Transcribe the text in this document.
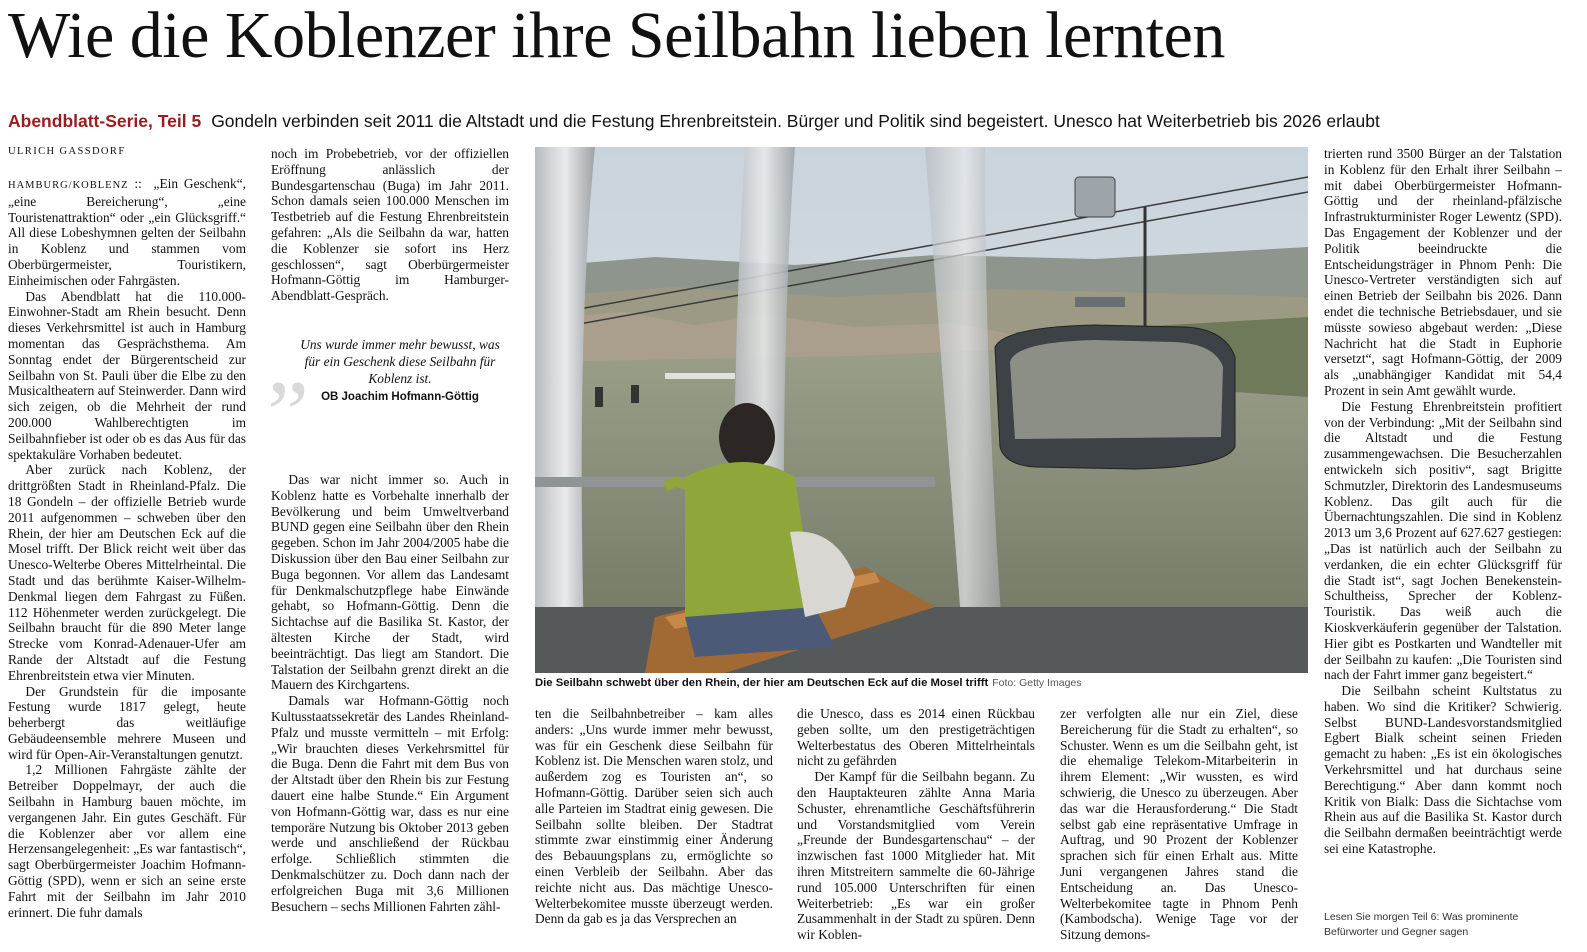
Wie die Koblenzer ihre Seilbahn lieben lernten
Abendblatt-Serie, Teil 5 Gondeln verbinden seit 2011 die Altstadt und die Festung Ehrenbreitstein. Bürger und Politik sind begeistert. Unesco hat Weiterbetrieb bis 2026 erlaubt
ULRICH GASSDORF

HAMBURG/KOBLENZ :: „Ein Geschenk“, „eine Bereicherung“, „eine Touristenattraktion“ oder „ein Glücksgriff.“ All diese Lobeshymnen gelten der Seilbahn in Koblenz und stammen vom Oberbürgermeister, Touristikern, Einheimischen oder Fahrgästen.

Das Abendblatt hat die 110.000-Einwohner-Stadt am Rhein besucht. Denn dieses Verkehrsmittel ist auch in Hamburg momentan das Gesprächsthema. Am Sonntag endet der Bürgerentscheid zur Seilbahn von St. Pauli über die Elbe zu den Musicaltheatern auf Steinwerder. Dann wird sich zeigen, ob die Mehrheit der rund 200.000 Wahlberechtigten im Seilbahnfieber ist oder ob es das Aus für das spektakuläre Vorhaben bedeutet.

Aber zurück nach Koblenz, der drittgrößten Stadt in Rheinland-Pfalz. Die 18 Gondeln – der offizielle Betrieb wurde 2011 aufgenommen – schweben über den Rhein, der hier am Deutschen Eck auf die Mosel trifft. Der Blick reicht weit über das Unesco-Welterbe Oberes Mittelrheintal. Die Stadt und das berühmte Kaiser-Wilhelm-Denkmal liegen dem Fahrgast zu Füßen. 112 Höhenmeter werden zurückgelegt. Die Seilbahn braucht für die 890 Meter lange Strecke vom Konrad-Adenauer-Ufer am Rande der Altstadt auf die Festung Ehrenbreitstein etwa vier Minuten.

Der Grundstein für die imposante Festung wurde 1817 gelegt, heute beherbergt das weitläufige Gebäudeensemble mehrere Museen und wird für Open-Air-Veranstaltungen genutzt.

1,2 Millionen Fahrgäste zählte der Betreiber Doppelmayr, der auch die Seilbahn in Hamburg bauen möchte, im vergangenen Jahr. Ein gutes Geschäft. Für die Koblenzer aber vor allem eine Herzensangelegenheit: „Es war fantastisch“, sagt Oberbürgermeister Joachim Hofmann-Göttig (SPD), wenn er sich an seine erste Fahrt mit der Seilbahn im Jahr 2010 erinnert. Die fuhr damals

noch im Probebetrieb, vor der offiziellen Eröffnung anlässlich der Bundesgartenschau (Buga) im Jahr 2011. Schon damals seien 100.000 Menschen im Testbetrieb auf die Festung Ehrenbreitstein gefahren: „Als die Seilbahn da war, hatten die Koblenzer sie sofort ins Herz geschlossen“, sagt Oberbürgermeister Hofmann-Göttig im Hamburger-Abendblatt-Gespräch.

„
Uns wurde immer mehr bewusst, was für ein Geschenk diese Seilbahn für Koblenz ist.
OB Joachim Hofmann-Göttig

Das war nicht immer so. Auch in Koblenz hatte es Vorbehalte innerhalb der Bevölkerung und beim Umweltverband BUND gegen eine Seilbahn über den Rhein gegeben. Schon im Jahr 2004/2005 habe die Diskussion über den Bau einer Seilbahn zur Buga begonnen. Vor allem das Landesamt für Denkmalschutzpflege habe Einwände gehabt, so Hofmann-Göttig. Denn die Sichtachse auf die Basilika St. Kastor, der ältesten Kirche der Stadt, wird beeinträchtigt. Das liegt am Standort. Die Talstation der Seilbahn grenzt direkt an die Mauern des Kirchgartens.

Damals war Hofmann-Göttig noch Kultusstaatssekretär des Landes Rheinland-Pfalz und musste vermitteln – mit Erfolg: „Wir brauchten dieses Verkehrsmittel für die Buga. Denn die Fahrt mit dem Bus von der Altstadt über den Rhein bis zur Festung dauert eine halbe Stunde.“ Ein Argument von Hofmann-Göttig war, dass es nur eine temporäre Nutzung bis Oktober 2013 geben werde und anschließend der Rückbau erfolge. Schließlich stimmten die Denkmalschützer zu. Doch dann nach der erfolgreichen Buga mit 3,6 Millionen Besuchern – sechs Millionen Fahrten zähl-

Die Seilbahn schwebt über den Rhein, der hier am Deutschen Eck auf die Mosel trifft Foto: Getty Images

ten die Seilbahnbetreiber – kam alles anders: „Uns wurde immer mehr bewusst, was für ein Geschenk diese Seilbahn für Koblenz ist. Die Menschen waren stolz, und außerdem zog es Touristen an“, so Hofmann-Göttig. Darüber seien sich auch alle Parteien im Stadtrat einig gewesen. Die Seilbahn sollte bleiben. Der Stadtrat stimmte zwar einstimmig einer Änderung des Bebauungsplans zu, ermöglichte so einen Verbleib der Seilbahn. Aber das reichte nicht aus. Das mächtige Unesco-Welterbekomitee musste überzeugt werden. Denn da gab es ja das Versprechen an

die Unesco, dass es 2014 einen Rückbau geben sollte, um den prestigeträchtigen Welterbestatus des Oberen Mittelrheintals nicht zu gefährden

Der Kampf für die Seilbahn begann. Zu den Hauptakteuren zählte Anna Maria Schuster, ehrenamtliche Geschäftsführerin und Vorstandsmitglied vom Verein „Freunde der Bundesgartenschau“ – der inzwischen fast 1000 Mitglieder hat. Mit ihren Mitstreitern sammelte die 60-Jährige rund 105.000 Unterschriften für einen Weiterbetrieb: „Es war ein großer Zusammenhalt in der Stadt zu spüren. Denn wir Koblen-

zer verfolgten alle nur ein Ziel, diese Bereicherung für die Stadt zu erhalten“, so Schuster. Wenn es um die Seilbahn geht, ist die ehemalige Telekom-Mitarbeiterin in ihrem Element: „Wir wussten, es wird schwierig, die Unesco zu überzeugen. Aber das war die Herausforderung.“ Die Stadt selbst gab eine repräsentative Umfrage in Auftrag, und 90 Prozent der Koblenzer sprachen sich für einen Erhalt aus. Mitte Juni vergangenen Jahres stand die Entscheidung an. Das Unesco-Welterbekomitee tagte in Phnom Penh (Kambodscha). Wenige Tage vor der Sitzung demons-

trierten rund 3500 Bürger an der Talstation in Koblenz für den Erhalt ihrer Seilbahn – mit dabei Oberbürgermeister Hofmann-Göttig und der rheinland-pfälzische Infrastrukturminister Roger Lewentz (SPD). Das Engagement der Koblenzer und der Politik beeindruckte die Entscheidungsträger in Phnom Penh: Die Unesco-Vertreter verständigten sich auf einen Betrieb der Seilbahn bis 2026. Dann endet die technische Betriebsdauer, und sie müsste sowieso abgebaut werden: „Diese Nachricht hat die Stadt in Euphorie versetzt“, sagt Hofmann-Göttig, der 2009 als „unabhängiger Kandidat mit 54,4 Prozent in sein Amt gewählt wurde.

Die Festung Ehrenbreitstein profitiert von der Verbindung: „Mit der Seilbahn sind die Altstadt und die Festung zusammengewachsen. Die Besucherzahlen entwickeln sich positiv“, sagt Brigitte Schmutzler, Direktorin des Landesmuseums Koblenz. Das gilt auch für die Übernachtungszahlen. Die sind in Koblenz 2013 um 3,6 Prozent auf 627.627 gestiegen: „Das ist natürlich auch der Seilbahn zu verdanken, die ein echter Glücksgriff für die Stadt ist“, sagt Jochen Benekenstein-Schultheiss, Sprecher der Koblenz-Touristik. Das weiß auch die Kioskverkäuferin gegenüber der Talstation. Hier gibt es Postkarten und Wandteller mit der Seilbahn zu kaufen: „Die Touristen sind nach der Fahrt immer ganz begeistert.“

Die Seilbahn scheint Kultstatus zu haben. Wo sind die Kritiker? Schwierig. Selbst BUND-Landesvorstandsmitglied Egbert Bialk scheint seinen Frieden gemacht zu haben: „Es ist ein ökologisches Verkehrsmittel und hat durchaus seine Berechtigung.“ Aber dann kommt noch Kritik von Bialk: Dass die Sichtachse vom Rhein aus auf die Basilika St. Kastor durch die Seilbahn dermaßen beeinträchtigt werde sei eine Katastrophe.

Lesen Sie morgen Teil 6: Was prominente Befürworter und Gegner sagen
